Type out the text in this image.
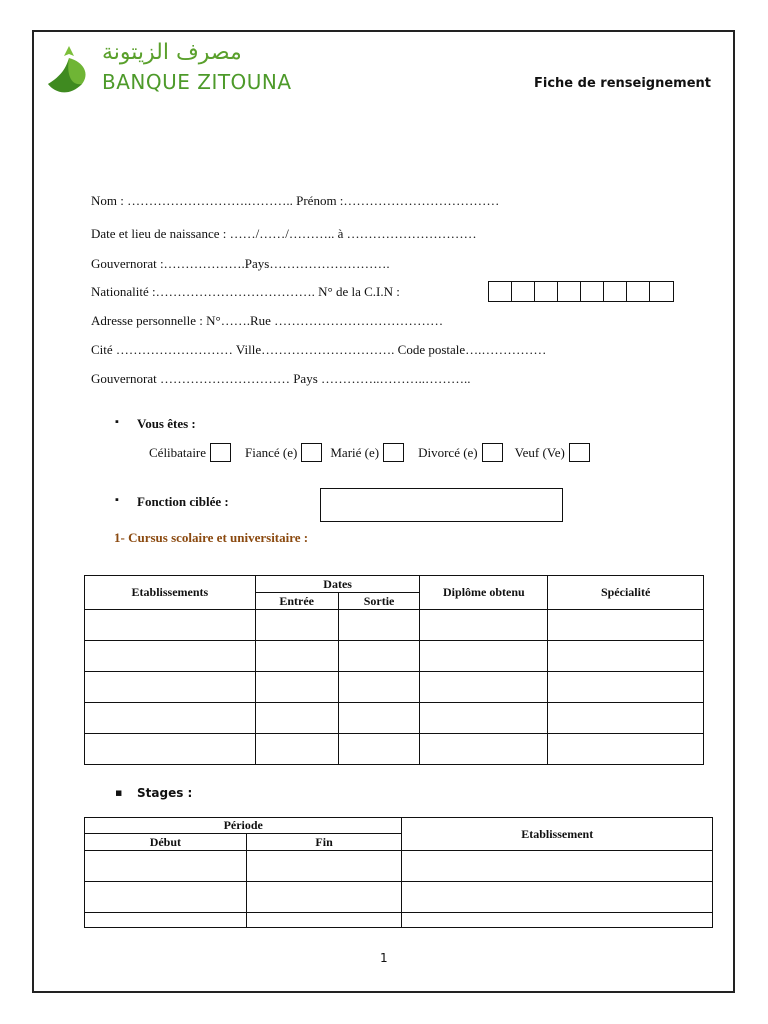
مصرف الزيتونة
BANQUE ZITOUNA	Fiche de renseignement
Nom : ……………………….……….. Prénom :………………………………
Date et lieu de naissance : ……/……/……….. à …………………………
Gouvernorat :……………….Pays……………………….
Nationalité :………………………………. N° de la C.I.N :
Adresse personnelle : N°…….Rue …………………………………
Cité ……………………… Ville…………………………. Code postale….……………
Gouvernorat ………………………… Pays …………..………..………..
▪ Vous êtes :
Célibataire	Fiancé (e)	Marié (e)	Divorcé (e)	Veuf (Ve)
▪ Fonction ciblée :
1- Cursus scolaire et universitaire :
Etablissements	Dates		Diplôme obtenu	Spécialité
	Entrée	Sortie		

▪ Stages :
Période		Etablissement
Début	Fin	

1
